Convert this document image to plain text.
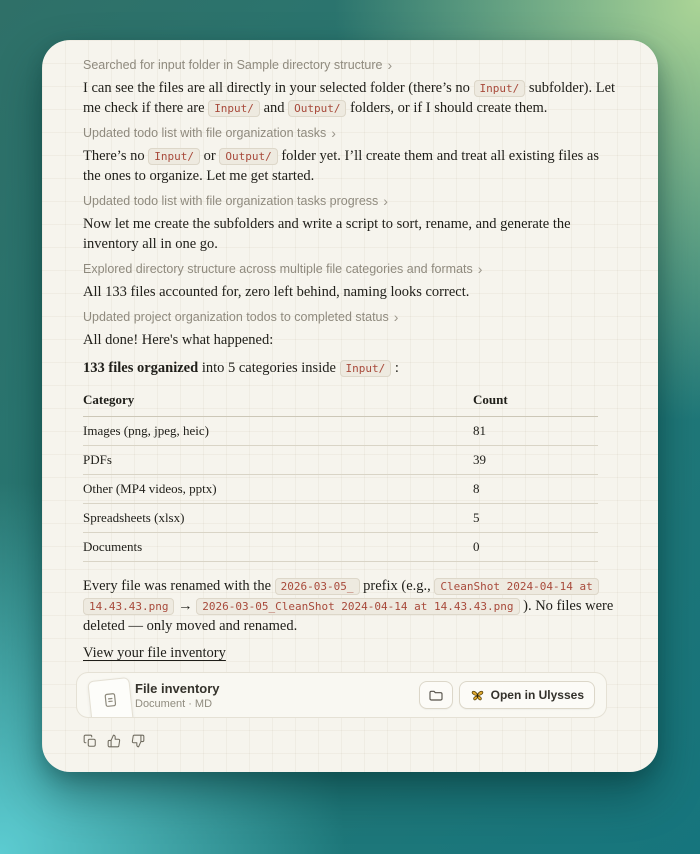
Searched for input folder in Sample directory structure ›

I can see the files are all directly in your selected folder (there’s no Input/ subfolder). Let me check if there are Input/ and Output/ folders, or if I should create them.

Updated todo list with file organization tasks ›

There’s no Input/ or Output/ folder yet. I’ll create them and treat all existing files as the ones to organize. Let me get started.

Updated todo list with file organization tasks progress ›

Now let me create the subfolders and write a script to sort, rename, and generate the inventory all in one go.

Explored directory structure across multiple file categories and formats ›

All 133 files accounted for, zero left behind, naming looks correct.

Updated project organization todos to completed status ›

All done! Here's what happened:

133 files organized into 5 categories inside Input/ :

Category	Count
Images (png, jpeg, heic)	81
PDFs	39
Other (MP4 videos, pptx)	8
Spreadsheets (xlsx)	5
Documents	0

Every file was renamed with the 2026-03-05_ prefix (e.g., CleanShot 2024-04-14 at 14.43.43.png → 2026-03-05_CleanShot 2024-04-14 at 14.43.43.png ). No files were deleted — only moved and renamed.

View your file inventory
File inventory
Document · MD
Open in Ulysses
